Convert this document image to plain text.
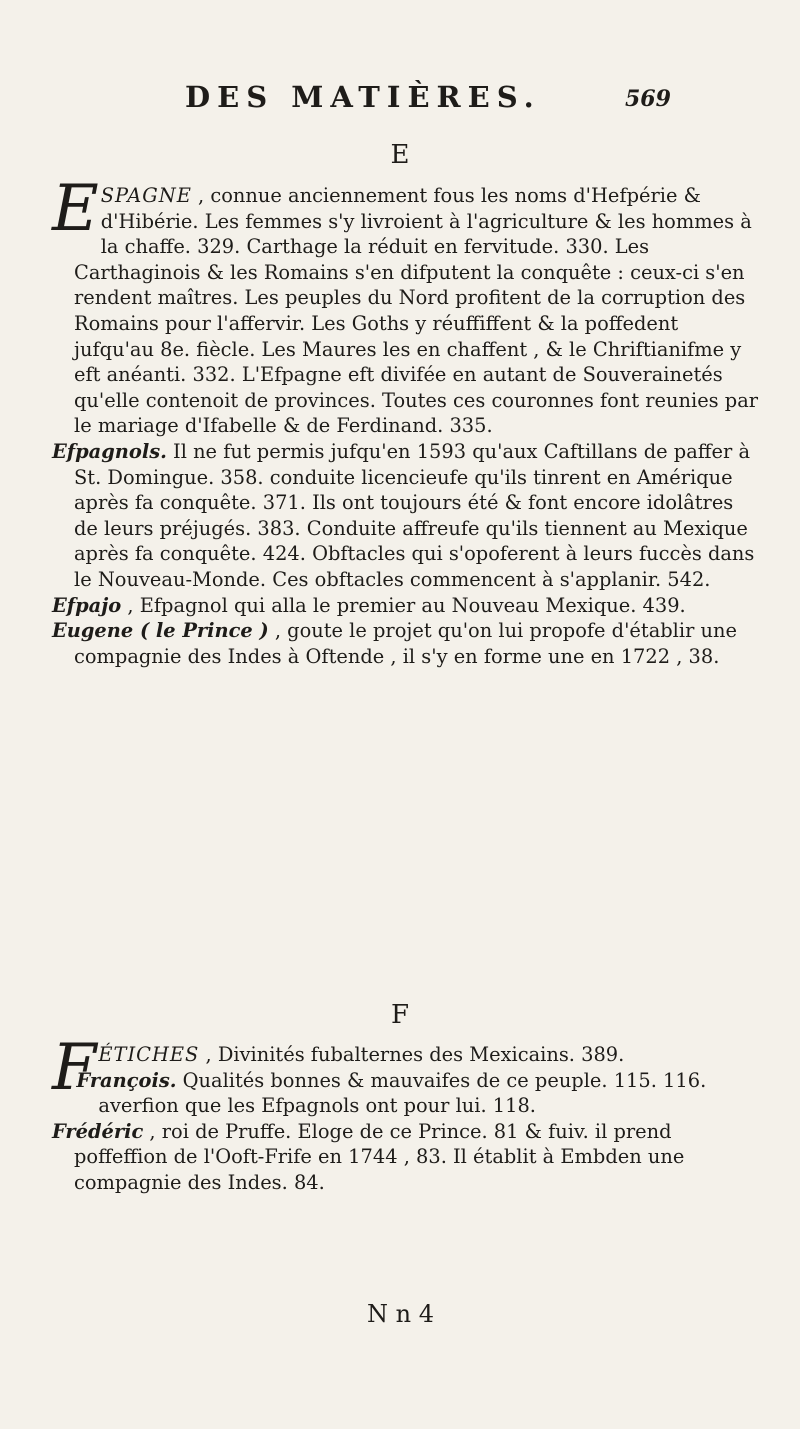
DES MATIÈRES.	569
E

ESPAGNE , connue anciennement fous les noms d'Hefpérie & d'Hibérie. Les femmes s'y livroient à l'agriculture & les hommes à la chaffe. 329. Carthage la réduit en fervitude. 330. Les Carthaginois & les Romains s'en difputent la conquête : ceux-ci s'en rendent maîtres. Les peuples du Nord profitent de la corruption des Romains pour l'affervir. Les Goths y réuffiffent & la poffedent jufqu'au 8e. fiècle. Les Maures les en chaffent , & le Chriftianifme y eft anéanti. 332. L'Efpagne eft divifée en autant de Souverainetés qu'elle contenoit de provinces. Toutes ces couronnes font reunies par le mariage d'Ifabelle & de Ferdinand. 335.

Efpagnols. Il ne fut permis jufqu'en 1593 qu'aux Caftillans de paffer à St. Domingue. 358. conduite licencieufe qu'ils tinrent en Amérique après fa conquête. 371. Ils ont toujours été & font encore idolâtres de leurs préjugés. 383. Conduite affreufe qu'ils tiennent au Mexique après fa conquête. 424. Obftacles qui s'opoferent à leurs fuccès dans le Nouveau-Monde. Ces obftacles commencent à s'applanir. 542.

Efpajo , Efpagnol qui alla le premier au Nouveau Mexique. 439.

Eugene ( le Prince ) , goute le projet qu'on lui propofe d'établir une compagnie des Indes à Oftende , il s'y en forme une en 1722 , 38.

F

FÉTICHES , Divinités fubalternes des Mexicains. 389.

François. Qualités bonnes & mauvaifes de ce peuple. 115. 116. averfion que les Efpagnols ont pour lui. 118.

Frédéric , roi de Pruffe. Eloge de ce Prince. 81 & fuiv. il prend poffeffion de l'Ooft-Frife en 1744 , 83. Il établit à Embden une compagnie des Indes. 84.

N n 4
